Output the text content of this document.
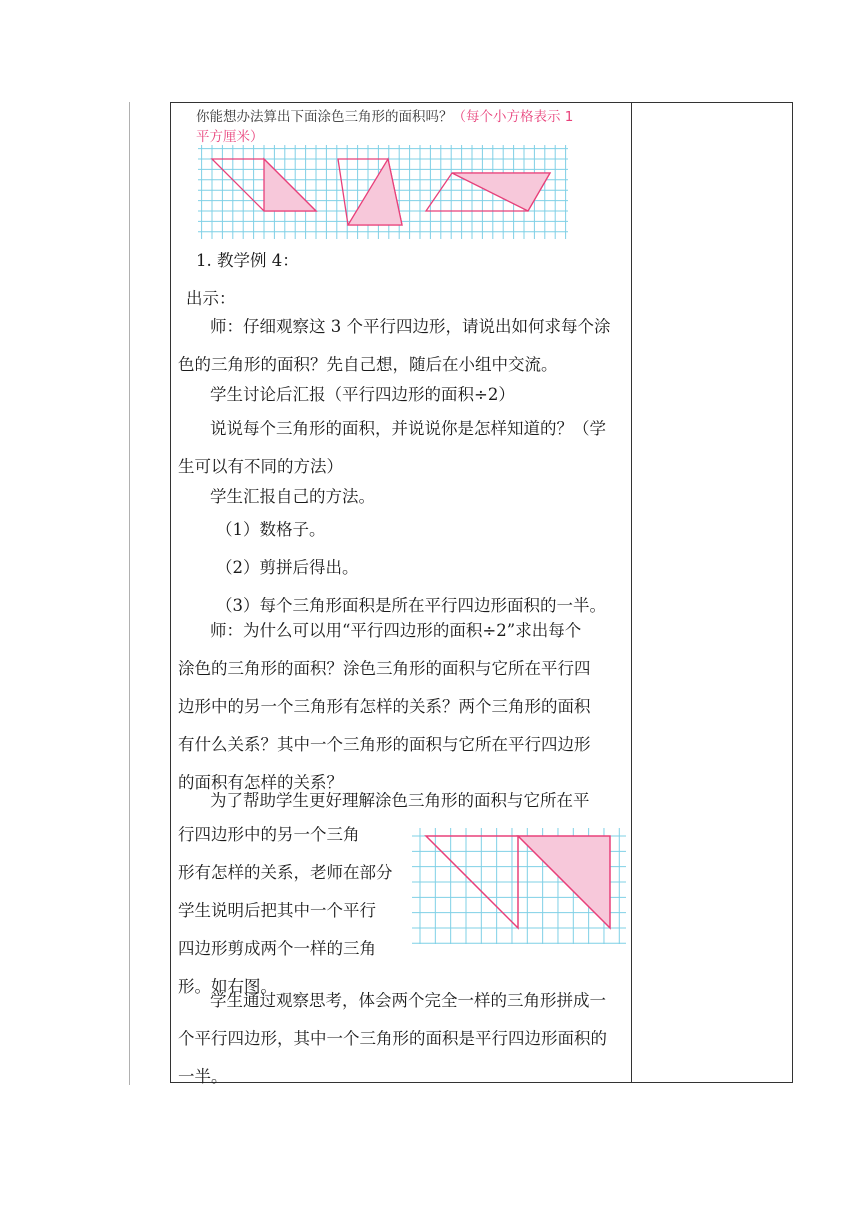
你能想办法算出下面涂色三角形的面积吗？（每个小方格表示 1 平方厘米）

1. 教学例 4：

出示：

师：仔细观察这 3 个平行四边形，请说出如何求每个涂
色的三角形的面积？先自己想，随后在小组中交流。

学生讨论后汇报（平行四边形的面积÷2）

说说每个三角形的面积，并说说你是怎样知道的？（学
生可以有不同的方法）

学生汇报自己的方法。

（1）数格子。
（2）剪拼后得出。
（3）每个三角形面积是所在平行四边形面积的一半。

师：为什么可以用“平行四边形的面积÷2”求出每个
涂色的三角形的面积？涂色三角形的面积与它所在平行四
边形中的另一个三角形有怎样的关系？两个三角形的面积
有什么关系？其中一个三角形的面积与它所在平行四边形
的面积有怎样的关系？

为了帮助学生更好理解涂色三角形的面积与它所在平

行四边形中的另一个三角
形有怎样的关系，老师在部分
学生说明后把其中一个平行
四边形剪成两个一样的三角
形。如右图。

学生通过观察思考，体会两个完全一样的三角形拼成一
个平行四边形，其中一个三角形的面积是平行四边形面积的
一半。
